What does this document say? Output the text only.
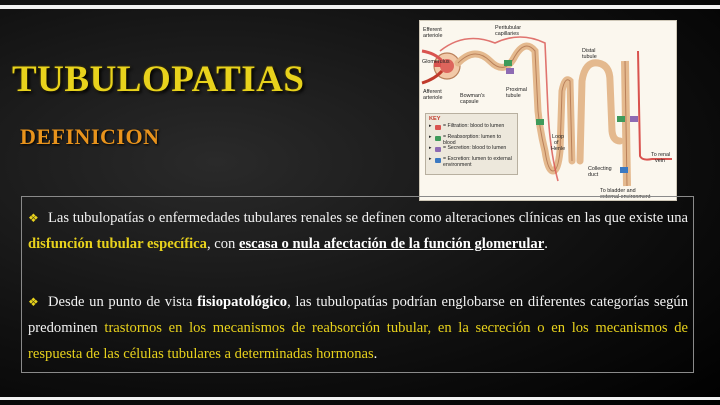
TUBULOPATIAS
DEFINICION
Efferent
arteriole
Peritubular
capillaries
Glomerulus
Distal
tubule
Afferent
arteriole	Bowman's
capsule
Proximal
tubule
Loop
of
Henle
Collecting
duct
To renal
vein
To bladder and
external environment
KEY
▸ = Filtration: blood to lumen
▸ = Reabsorption: lumen to blood
▸ = Secretion: blood to lumen
▸ = Excretion: lumen to external environment
❖ Las tubulopatías o enfermedades tubulares renales se definen como alteraciones clínicas en las que existe una disfunción tubular específica, con escasa o nula afectación de la función glomerular.
❖ Desde un punto de vista fisiopatológico, las tubulopatías podrían englobarse en diferentes categorías según predominen trastornos en los mecanismos de reabsorción tubular, en la secreción o en los mecanismos de respuesta de las células tubulares a determinadas hormonas.
